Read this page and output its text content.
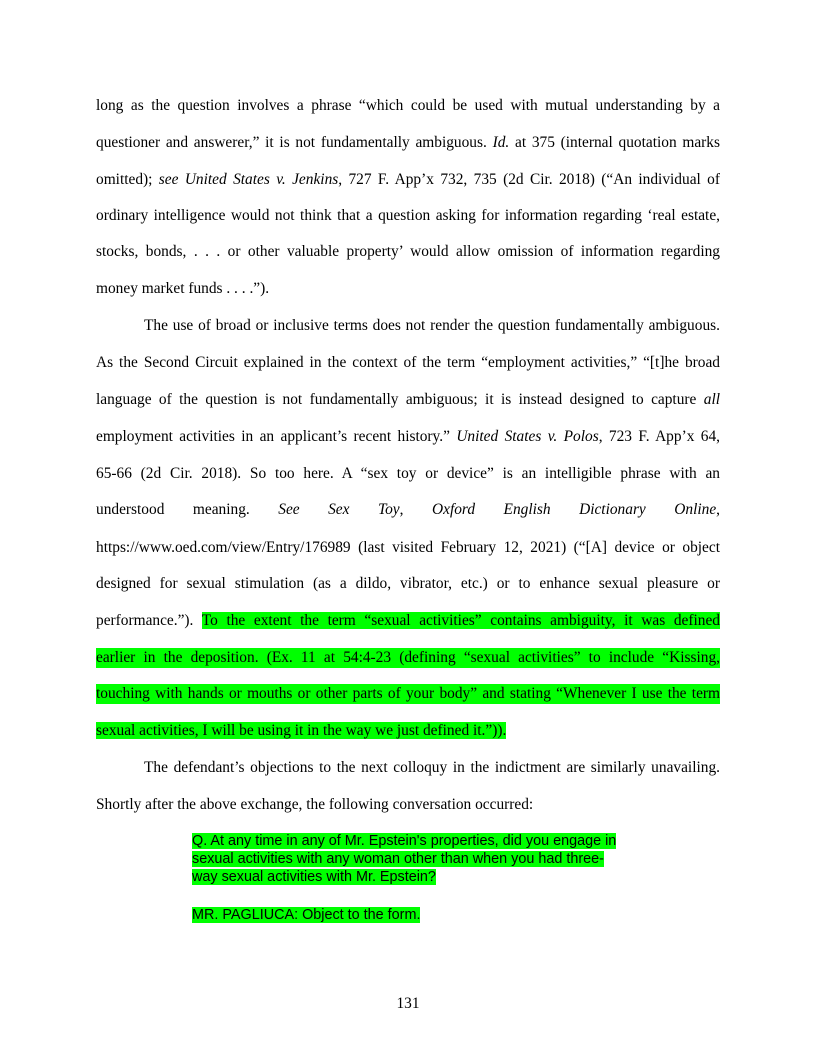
long as the question involves a phrase “which could be used with mutual understanding by a
questioner and answerer,” it is not fundamentally ambiguous. Id. at 375 (internal quotation marks
omitted); see United States v. Jenkins, 727 F. App’x 732, 735 (2d Cir. 2018) (“An individual of
ordinary intelligence would not think that a question asking for information regarding ‘real estate,
stocks, bonds, . . . or other valuable property’ would allow omission of information regarding
money market funds . . . .”).
The use of broad or inclusive terms does not render the question fundamentally ambiguous.
As the Second Circuit explained in the context of the term “employment activities,” “[t]he broad
language of the question is not fundamentally ambiguous; it is instead designed to capture all
employment activities in an applicant’s recent history.” United States v. Polos, 723 F. App’x 64,
65-66 (2d Cir. 2018). So too here. A “sex toy or device” is an intelligible phrase with an
understood meaning. See Sex Toy, Oxford English Dictionary Online,
https://www.oed.com/view/Entry/176989 (last visited February 12, 2021) (“[A] device or object
designed for sexual stimulation (as a dildo, vibrator, etc.) or to enhance sexual pleasure or
performance.”). To the extent the term “sexual activities” contains ambiguity, it was defined
earlier in the deposition. (Ex. 11 at 54:4-23 (defining “sexual activities” to include “Kissing,
touching with hands or mouths or other parts of your body” and stating “Whenever I use the term
sexual activities, I will be using it in the way we just defined it.”)).
The defendant’s objections to the next colloquy in the indictment are similarly unavailing.
Shortly after the above exchange, the following conversation occurred:
Q. At any time in any of Mr. Epstein's properties, did you engage in
sexual activities with any woman other than when you had three-
way sexual activities with Mr. Epstein?
MR. PAGLIUCA: Object to the form.
131
